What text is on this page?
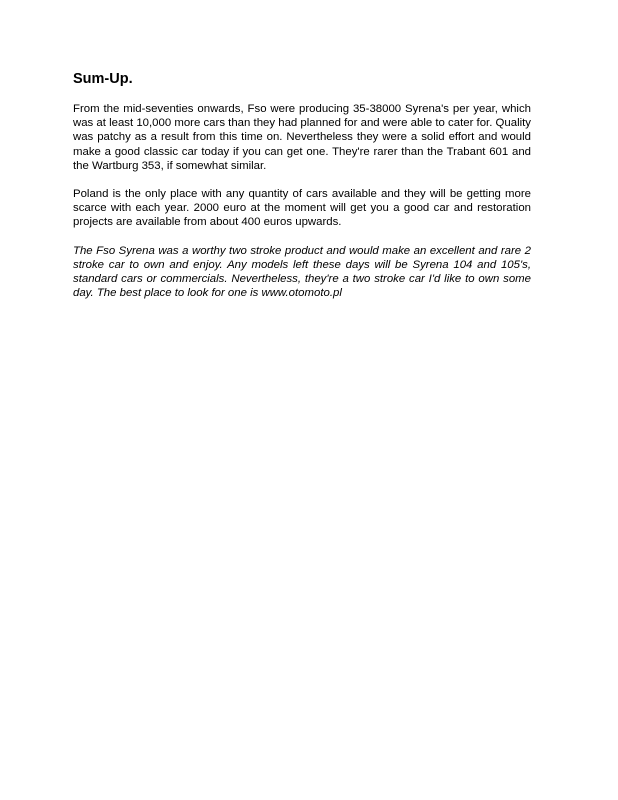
Sum-Up.

From the mid-seventies onwards, Fso were producing 35-38000 Syrena's per year, which was at least 10,000 more cars than they had planned for and were able to cater for. Quality was patchy as a result from this time on. Nevertheless they were a solid effort and would make a good classic car today if you can get one. They're rarer than the Trabant 601 and the Wartburg 353, if somewhat similar.

Poland is the only place with any quantity of cars available and they will be getting more scarce with each year. 2000 euro at the moment will get you a good car and restoration projects are available from about 400 euros upwards.

The Fso Syrena was a worthy two stroke product and would make an excellent and rare 2 stroke car to own and enjoy. Any models left these days will be Syrena 104 and 105's, standard cars or commercials. Nevertheless, they're a two stroke car I'd like to own some day. The best place to look for one is www.otomoto.pl
